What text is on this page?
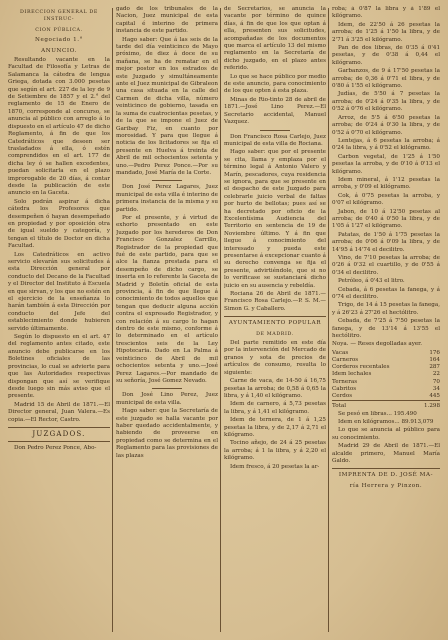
DIRECCION GENERAL DE INSTRUC-
CION PÚBLICA.
Negociado 1.°
ANUNCIO.

Resultando vacante en la Facultad de Filosofía y Letras de Salamanca la cátedra de lengua Griega, dotada con 3.000 pesetas que según el art. 227 de la ley de 9 de Setiembre de 1857 y el 2.° del reglamento de 15 de Enero de 1870, corresponde al concurso, se anuncia al público con arreglo á lo dispuesto en el artículo 47 de dicho Reglamento, á fin de que los Catedráticos que deseen ser trasladados á ella, ó estén comprendidos en el art. 177 de dicha ley ó se hallen excedentes, puedan solicitarla en el plazo improrogable de 20 días, á contar desde la publicación de este anuncio en la Gaceta.

Solo podrán aspirar á dicha cátedra los Profesores que desempeñen ó hayan desempeñado en propiedad y por oposición otra de igual sueldo y categoría, y tengan el título de Doctor en dicha Facultad.

Los Catedráticos en activo servicio elevarán sus solicitudes á esta Dirección general por conducto del Decano de la Facultad y el Director del Instituto á Escuela en que sirvan, y los que no estén en el ejercicio de la enseñanza lo harán también á esta Dirección por conducto del Jefe del establecimiento donde hubieren servido últimamente.

Según lo dispuesto en el art. 47 del reglamento antes citado, este anuncio debe publicarse en los Boletines oficiales de las provincias, lo cual se advierte para que las Autoridades respectivas dispongan que así se verifique desde luego sin más aviso que el presente.

Madrid 15 de Abril de 1871.—El Director general, Juan Valera.—Es copia.—El Rector, Castro.

JUZGADOS.

Don Pedro Perez Ponce, Abo-

gado de los tribunales de la Nacion, Juez municipal de esta capital é interino de primera instancia de este partido.

Hago saber: Que á las seis de la tarde del día veinticinco de Mayo próximo, de diez á doce de su mañana, se ha de rematar en el mejor postor en los estrados de este Juzgado y simultáneamente ante el Juez municipal de Gibraleon una casa situada en la calle del Carmen de dicha villa, número veinticinco de gobierno, tasada en la suma de cuatrocientas pesetas, y de la que se impone el Juez de Garibay Fiz, en cuanto por morosidad. Y para que llegue á noticia de los licitadores se fija el presente en Huelva á treinta de Abril de mil ochocientos setenta y uno.—Pedro Perez Ponce.—Por su mandado, José María de la Corte.

Don José Perez Lagares, Juez municipal de esta villa é interino de primera instancia de la misma y su partido.

Por el presente, y á virtud de exhorto presentado en este Juzgado por los herederos de Don Francisco Gonzalez Carrillo, Registrador de la propiedad que fué de este partido, para que se alce la fianza prestada para el desempeño de dicho cargo, se inserta en lo referente la Gaceta de Madrid y Boletín oficial de esta provincia, á fin de que llegue á conocimiento de todos aquellos que tengan que deducir alguna acción contra el expresado Registrador, y con relación á su cargo lo hagan dentro de este mismo, conforme á lo determinado en el artículo trescientos seis de la Ley Hipotecaria. Dado en La Palma á veinticinco de Abril de mil ochocientos setenta y uno.—José Perez Lagares.—Por mandado de su señoría, José Gomez Nevado.

Don José Lino Perez, Juez municipal de esta villa.

Hago saber: que la Secretaría de este juzgado se halla vacante por haber quedado accidentalmente, y habiendo de proveerse en propiedad como se determina en el Reglamento para las provisiones de las plazas

de Secretarios, se anuncia la vacante por término de quince días, á fin de que los que optan á ella, presenten sus solicitudes, acompañadas de los documentos que marca el artículo 13 del mismo reglamento en la Secretaría de dicho juzgado, en el plazo antes referido.

Lo que se hace público por medio de este anuncio, para conocimiento de los que opten á esta plaza.

Minas de Rio-tinto 28 de abril de 1871.—José Lino Perez.—El Secretario accidental, Manuel Vazquez.

Don Francisco Rosa Carlejo, Juez municipal de esta villa de Rociana.

Hago saber: que por el presente se cita, llama y emplaza por el término legal á Antonio Valero y Marín, pescadores, cuya residencia se ignora, para que se presente en el despacho de este Juzgado para celebrarle juicio verbal de faltas por hurto de bellotas; pues así se ha decretado por oficio de la Excelentísima Audiencia del Territorio en sentencia de 19 de Noviembre último. Y á fin que llegue á conocimiento del interesado y pueda este presentarse á excepcionar cuanto á su derecho convenga se fija el presente, advirtiéndole, que si no lo verificase se sustanciará dicho juicio en su ausencia y rebeldía.

Rociana 26 de Abril de 1871.—Francisco Rosa Carlejo.—P. S. M.—Simon G. y Caballero.

AYUNTAMIENTO POPULAR
DE MADRID.

Del parte remitido en este día por la intervención del Mercado de granos y sota de precios de artículos de consumo, resulta lo siguiente:

Carne de vaca, de 14-50 á 16,75 pesetas la arroba; de 0,58 á 0,65 la libra, y á 1,40 el kilógramo.

Idem de carnero, á 5,73 pesetas la libra, y á 1,41 el kilógramo.

Idem de ternera, de 1 á 1,25 pesetas la libra, y de 2,17 á 2,71 el kilógramo.

Tocino añejo, de 24 á 25 pesetas la arroba; á 1 la libra, y á 2,20 el kilógramo.

Idem fresco, á 20 pesetas la ar-

roba; á 0'87 la libra y á 1'89 el kilógramo.

Idem, de 22'50 á 26 pesetas la arroba; de 1'25 á 1'50 la libra, y de 2'71 á 3'25 el kilógramo.

Pan de dos libras, de 0'35 á 0'41 pesetas, y de 0'38 á 0,44 el kilógramo.

Garbanzos, de 9 á 17'50 pesetas la arroba; de 0,36 á 0'71 el libra, y de 0'80 á 1'55 el kilógramo.

Judías, de 5'50 á 7 pesetas la arroba; de 0'24 á 0'35 la libra, y de 0'52 á 0'76 el kilógramo.

Arroz, de 5'5 á 6'50 pesetas la arroba; de 0'24 á 0'30 la libra, y de 0'52 á 0'70 el kilógramo.

Lentejas, á 6 pesetas la arroba; á 0'24 la libra, y á 0'52 el kilógramo.

Carbon vegetal, de 1'25 á 1'50 pesetas la arroba, y de 0'10 á 0'13 el kilógramo.

Idem mineral, á 1'12 pesetas la arroba, y 0'09 el kilógramo.

Cok, á 0'75 pesetas la arroba, y 0'07 el kilógramo.

Jabon, de 10 á 12'50 pesetas al arroba; de 0'40 á 0'50 la libra, y de 1'05 á 1'27 el kilógramo.

Patatas, de 1'50 á 1'75 pesetas la arroba; de 0'06 á 0'09 la libra, y de 14'95 á 14'74 el decilitro.

Vino, de 7'10 pesetas la arroba; de 0'26 á 0'32 el cuartillo, y de 0'55 á 0'34 el decilitro.

Petróleo, á 0'43 el litro.

Cebada, á 6 pesetas la fanega, y á 0'74 el decilitro.

Trigo, de 14 á 15 pesetas la fanega, y á 26'23 á 27'26 el hectólitro.

Cebada, de 7'25 á 7'50 pesetas la fanega, y de 13'14 á 13'55 el hectólitro.

Noya. — Reses degolladas ayer.

Vacas	176
Carneros	164
Corderos recentales	287
Idem lechales	22
Terneras	70
Cabritos	34
Cerdos	445
Total	1.298

Se pesó en libras... 195.490

Idem en kilógramos... 89.913,079

Lo que se anuncia al público para su conocimiento.

Madrid 29 de Abril de 1871.—El alcalde primero, Manuel María Galdo.

IMPRENTA DE D. JOSÉ MA-
ría Herrera y Pinzon.
